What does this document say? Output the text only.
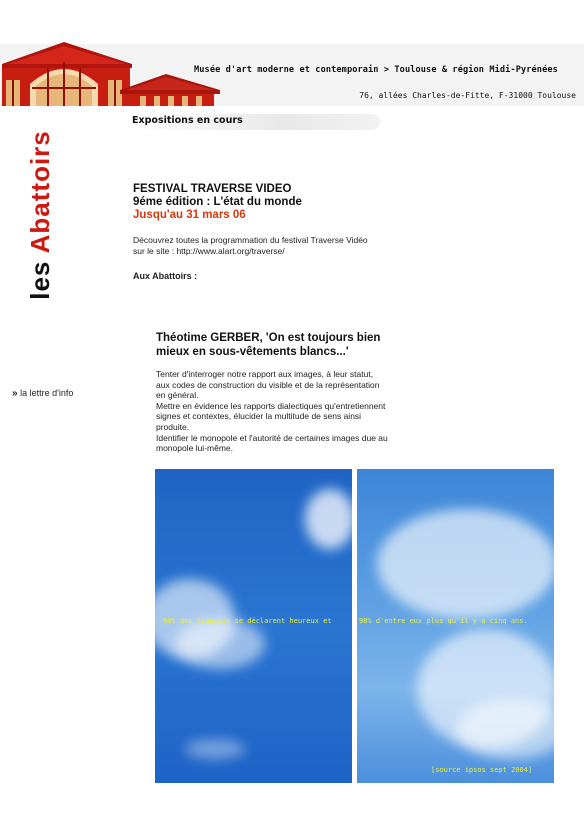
Musée d'art moderne et contemporain > Toulouse & région Midi-Pyrénées
76, allées Charles-de-Fitte, F-31000 Toulouse
les Abattoirs
» la lettre d'info
Expositions en cours
FESTIVAL TRAVERSE VIDEO
9éme édition : L'état du monde
Jusqu'au 31 mars 06
Découvrez toutes la programmation du festival Traverse Vidéo
sur le site : http://www.alart.org/traverse/
Aux Abattoirs :
Théotime GERBER, 'On est toujours bien
mieux en sous-vêtements blancs...'
Tenter d'interroger notre rapport aux images, à leur statut,
aux codes de construction du visible et de la représentation
en général.
Mettre en évidence les rapports dialectiques qu'entretiennent
signes et contextes, élucider la multitude de sens ainsi
produite.
Identifier le monopole et l'autorité de certaines images due au
monopole lui-même.
90% des français se déclarent heureux et	98% d'entre eux plus qu'il y a cinq ans.
[source ipsos sept 2004]
